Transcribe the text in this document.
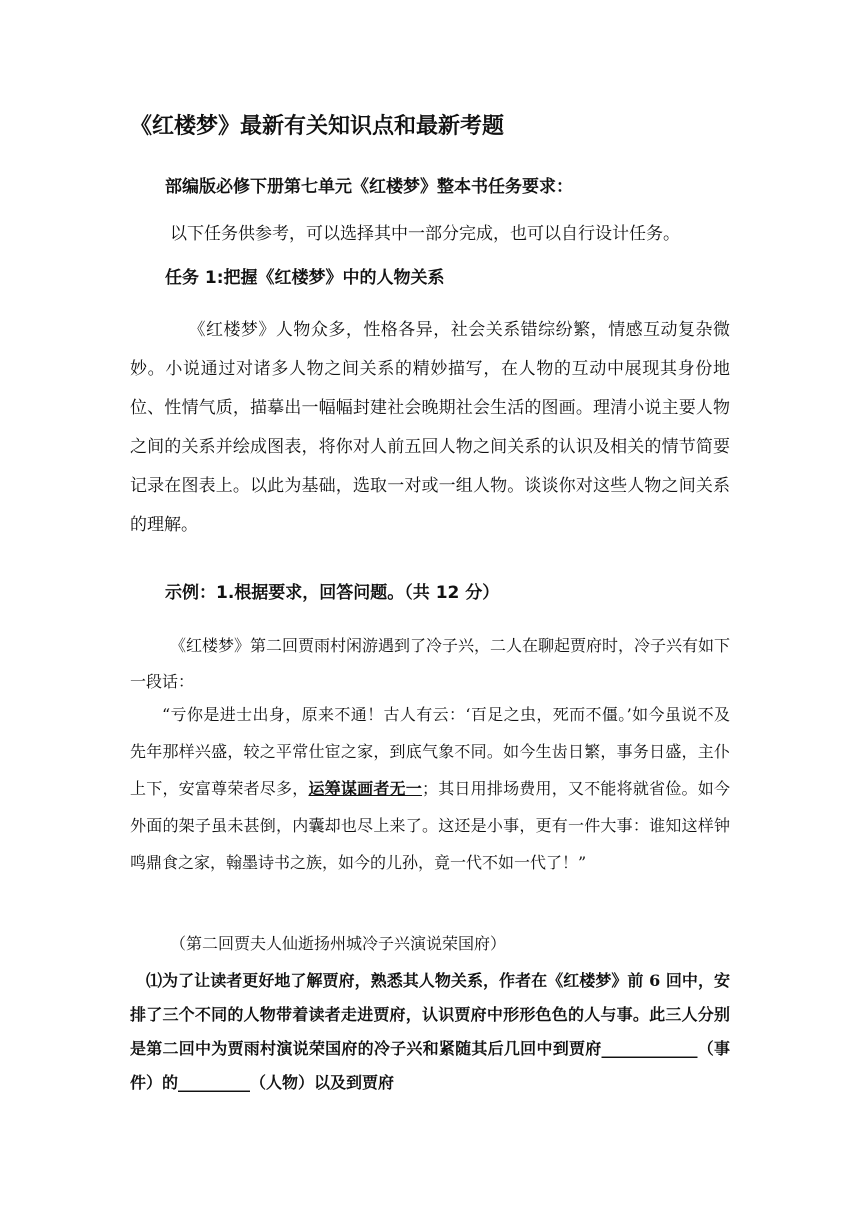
《红楼梦》最新有关知识点和最新考题
部编版必修下册第七单元《红楼梦》整本书任务要求：
以下任务供参考，可以选择其中一部分完成，也可以自行设计任务。
任务 1:把握《红楼梦》中的人物关系

《红楼梦》人物众多，性格各异，社会关系错综纷繁，情感互动复杂微妙。小说通过对诸多人物之间关系的精妙描写，在人物的互动中展现其身份地位、性情气质，描摹出一幅幅封建社会晚期社会生活的图画。理清小说主要人物之间的关系并绘成图表，将你对人前五回人物之间关系的认识及相关的情节简要记录在图表上。以此为基础，选取一对或一组人物。谈谈你对这些人物之间关系的理解。

示例：1.根据要求，回答问题。（共 12 分）

《红楼梦》第二回贾雨村闲游遇到了冷子兴，二人在聊起贾府时，冷子兴有如下一段话：

“亏你是进士出身，原来不通！古人有云：‘百足之虫，死而不僵。’如今虽说不及先年那样兴盛，较之平常仕宦之家，到底气象不同。如今生齿日繁，事务日盛，主仆上下，安富尊荣者尽多，运筹谋画者无一；其日用排场费用，又不能将就省俭。如今外面的架子虽未甚倒，内囊却也尽上来了。这还是小事，更有一件大事：谁知这样钟鸣鼎食之家，翰墨诗书之族，如今的儿孙，竟一代不如一代了！”

（第二回贾夫人仙逝扬州城冷子兴演说荣国府）

⑴为了让读者更好地了解贾府，熟悉其人物关系，作者在《红楼梦》前 6 回中，安排了三个不同的人物带着读者走进贾府，认识贾府中形形色色的人与事。此三人分别是第二回中为贾雨村演说荣国府的冷子兴和紧随其后几回中到贾府____________（事件）的_________（人物）以及到贾府
